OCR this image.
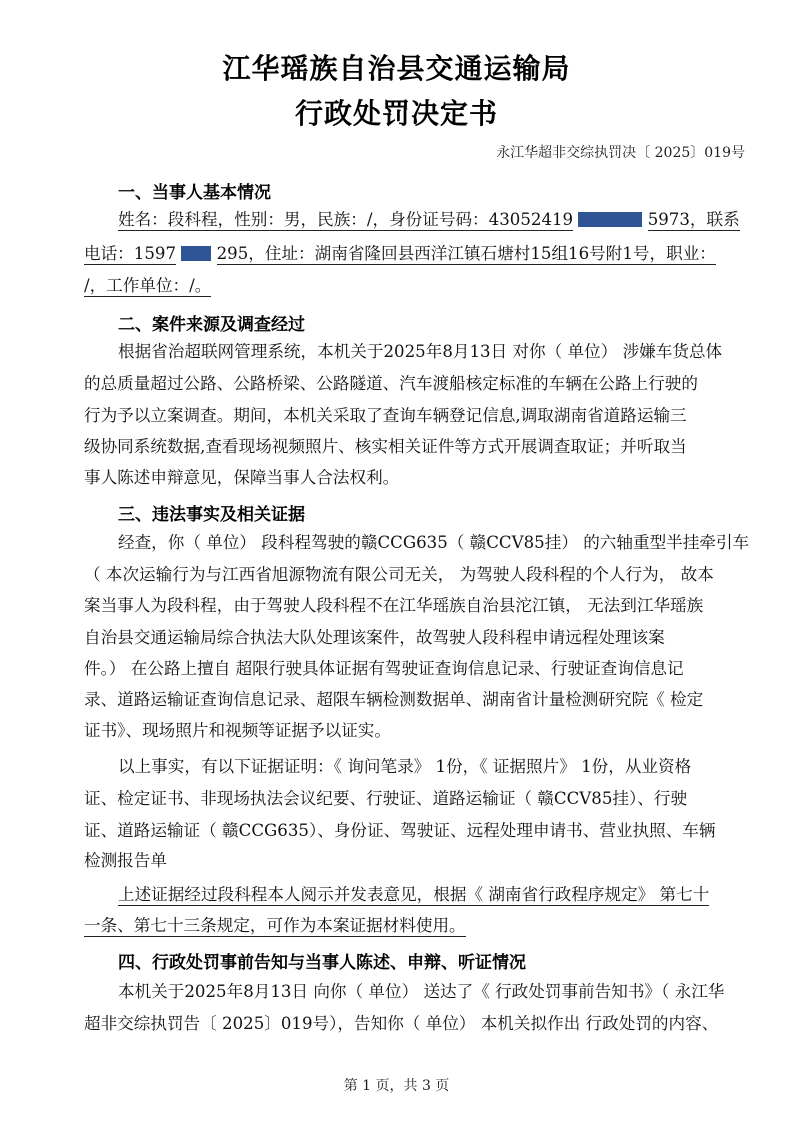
江华瑶族自治县交通运输局
行政处罚决定书
永江华超非交综执罚决〔 2025〕019号
一、当事人基本情况
姓名：段科程，性别：男，民族：/，身份证号码：43052419	5973，联系
电话：1597 295，住址：湖南省隆回县西洋江镇石塘村15组16号附1号，职业：
/，工作单位：/。
二、案件来源及调查经过
根据省治超联网管理系统，本机关于2025年8月13日 对你（ 单位） 涉嫌车货总体
的总质量超过公路、公路桥梁、公路隧道、汽车渡船核定标准的车辆在公路上行驶的
行为予以立案调查。期间，本机关采取了查询车辆登记信息,调取湖南省道路运输三
级协同系统数据,查看现场视频照片、核实相关证件等方式开展调查取证；并听取当
事人陈述申辩意见，保障当事人合法权利。
三、违法事实及相关证据
经查，你（ 单位） 段科程驾驶的赣CCG635（ 赣CCV85挂） 的六轴重型半挂牵引车
（ 本次运输行为与江西省旭源物流有限公司无关， 为驾驶人段科程的个人行为， 故本
案当事人为段科程，由于驾驶人段科程不在江华瑶族自治县沱江镇， 无法到江华瑶族
自治县交通运输局综合执法大队处理该案件，故驾驶人段科程申请远程处理该案
件。） 在公路上擅自 超限行驶具体证据有驾驶证查询信息记录、行驶证查询信息记
录、道路运输证查询信息记录、超限车辆检测数据单、湖南省计量检测研究院《 检定
证书》、现场照片和视频等证据予以证实。
以上事实，有以下证据证明：《 询问笔录》 1份，《 证据照片》 1份，从业资格
证、检定证书、非现场执法会议纪要、行驶证、道路运输证（ 赣CCV85挂）、行驶
证、道路运输证（ 赣CCG635）、身份证、驾驶证、远程处理申请书、营业执照、车辆
检测报告单
上述证据经过段科程本人阅示并发表意见，根据《 湖南省行政程序规定》 第七十
一条、第七十三条规定，可作为本案证据材料使用。
四、行政处罚事前告知与当事人陈述、申辩、听证情况
本机关于2025年8月13日 向你（ 单位） 送达了《 行政处罚事前告知书》（ 永江华
超非交综执罚告〔 2025〕019号），告知你（ 单位） 本机关拟作出 行政处罚的内容、
第 1 页，共 3 页
